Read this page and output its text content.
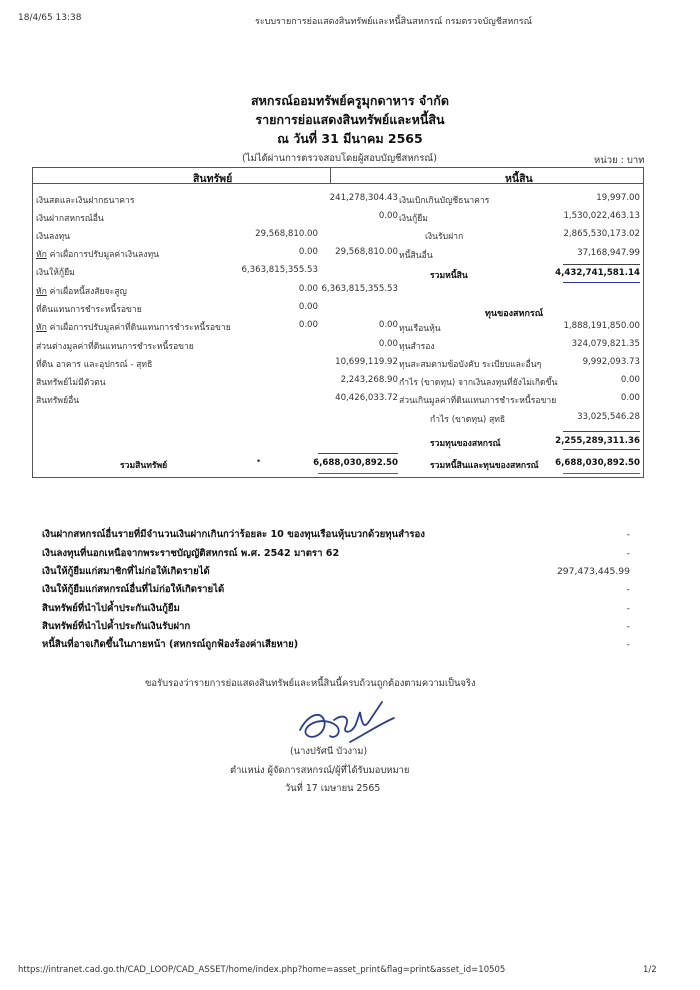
18/4/65 13:38	ระบบรายการย่อแสดงสินทรัพย์และหนี้สินสหกรณ์ กรมตรวจบัญชีสหกรณ์
สหกรณ์ออมทรัพย์ครูมุกดาหาร จำกัด
รายการย่อแสดงสินทรัพย์และหนี้สิน
ณ วันที่ 31 มีนาคม 2565
(ไม่ได้ผ่านการตรวจสอบโดยผู้สอบบัญชีสหกรณ์)	หน่วย : บาท
สินทรัพย์	หนี้สิน
เงินสดและเงินฝากธนาคาร	241,278,304.43
เงินฝากสหกรณ์อื่น	0.00
เงินลงทุน	29,568,810.00
หัก ค่าเผื่อการปรับมูลค่าเงินลงทุน	0.00 29,568,810.00
เงินให้กู้ยืม	6,363,815,355.53
หัก ค่าเผื่อหนี้สงสัยจะสูญ	0.00 6,363,815,355.53
ที่ดินแทนการชำระหนี้รอขาย	0.00
หัก ค่าเผื่อการปรับมูลค่าที่ดินแทนการชำระหนี้รอขาย	0.00	0.00
ส่วนต่างมูลค่าที่ดินแทนการชำระหนี้รอขาย	0.00
ที่ดิน อาคาร และอุปกรณ์ - สุทธิ	10,699,119.92
สินทรัพย์ไม่มีตัวตน	2,243,268.90
สินทรัพย์อื่น	40,426,033.72
เงินเบิกเกินบัญชีธนาคาร	19,997.00
เงินกู้ยืม	1,530,022,463.13
เงินรับฝาก	2,865,530,173.02
หนี้สินอื่น	37,168,947.99
รวมหนี้สิน	4,432,741,581.14
ทุนของสหกรณ์
ทุนเรือนหุ้น	1,888,191,850.00
ทุนสำรอง	324,079,821.35
ทุนสะสมตามข้อบังคับ ระเบียบและอื่นๆ	9,992,093.73
กำไร (ขาดทุน) จากเงินลงทุนที่ยังไม่เกิดขึ้น	0.00
ส่วนเกินมูลค่าที่ดินแทนการชำระหนี้รอขาย	0.00
กำไร (ขาดทุน) สุทธิ	33,025,546.28
รวมทุนของสหกรณ์	2,255,289,311.36
รวมสินทรัพย์	•	6,688,030,892.50	รวมหนี้สินและทุนของสหกรณ์ 6,688,030,892.50
เงินฝากสหกรณ์อื่นรายที่มีจำนวนเงินฝากเกินกว่าร้อยละ 10 ของทุนเรือนหุ้นบวกด้วยทุนสำรอง	-
เงินลงทุนที่นอกเหนือจากพระราชบัญญัติสหกรณ์ พ.ศ. 2542 มาตรา 62	-
เงินให้กู้ยืมแก่สมาชิกที่ไม่ก่อให้เกิดรายได้	297,473,445.99
เงินให้กู้ยืมแก่สหกรณ์อื่นที่ไม่ก่อให้เกิดรายได้	-
สินทรัพย์ที่นำไปค้ำประกันเงินกู้ยืม	-
สินทรัพย์ที่นำไปค้ำประกันเงินรับฝาก	-
หนี้สินที่อาจเกิดขึ้นในภายหน้า (สหกรณ์ถูกฟ้องร้องค่าเสียหาย)	-
ขอรับรองว่ารายการย่อแสดงสินทรัพย์และหนี้สินนี้ครบถ้วนถูกต้องตามความเป็นจริง
(นางปรัศนี บัวงาม)
ตำแหน่ง ผู้จัดการสหกรณ์/ผู้ที่ได้รับมอบหมาย
วันที่ 17 เมษายน 2565
https://intranet.cad.go.th/CAD_LOOP/CAD_ASSET/home/index.php?home=asset_print&flag=print&asset_id=10505	1/2
